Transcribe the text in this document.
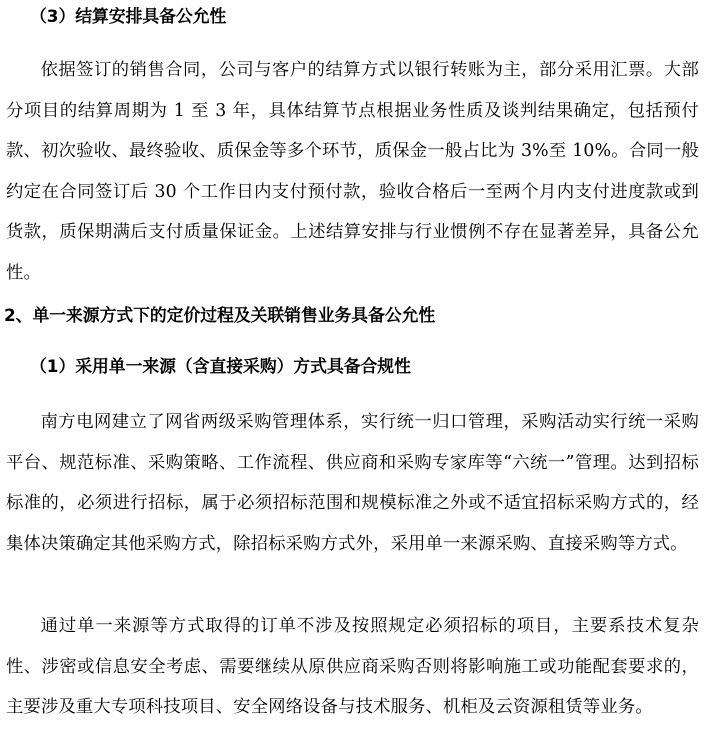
（3）结算安排具备公允性
依据签订的销售合同，公司与客户的结算方式以银行转账为主，部分采用汇票。大部分项目的结算周期为 1 至 3 年，具体结算节点根据业务性质及谈判结果确定，包括预付款、初次验收、最终验收、质保金等多个环节，质保金一般占比为 3%至 10%。合同一般约定在合同签订后 30 个工作日内支付预付款，验收合格后一至两个月内支付进度款或到货款，质保期满后支付质量保证金。上述结算安排与行业惯例不存在显著差异，具备公允性。
2、单一来源方式下的定价过程及关联销售业务具备公允性
（1）采用单一来源（含直接采购）方式具备合规性
南方电网建立了网省两级采购管理体系，实行统一归口管理，采购活动实行统一采购平台、规范标准、采购策略、工作流程、供应商和采购专家库等“六统一”管理。达到招标标准的，必须进行招标，属于必须招标范围和规模标准之外或不适宜招标采购方式的，经集体决策确定其他采购方式，除招标采购方式外，采用单一来源采购、直接采购等方式。
通过单一来源等方式取得的订单不涉及按照规定必须招标的项目，主要系技术复杂性、涉密或信息安全考虑、需要继续从原供应商采购否则将影响施工或功能配套要求的，主要涉及重大专项科技项目、安全网络设备与技术服务、机柜及云资源租赁等业务。
